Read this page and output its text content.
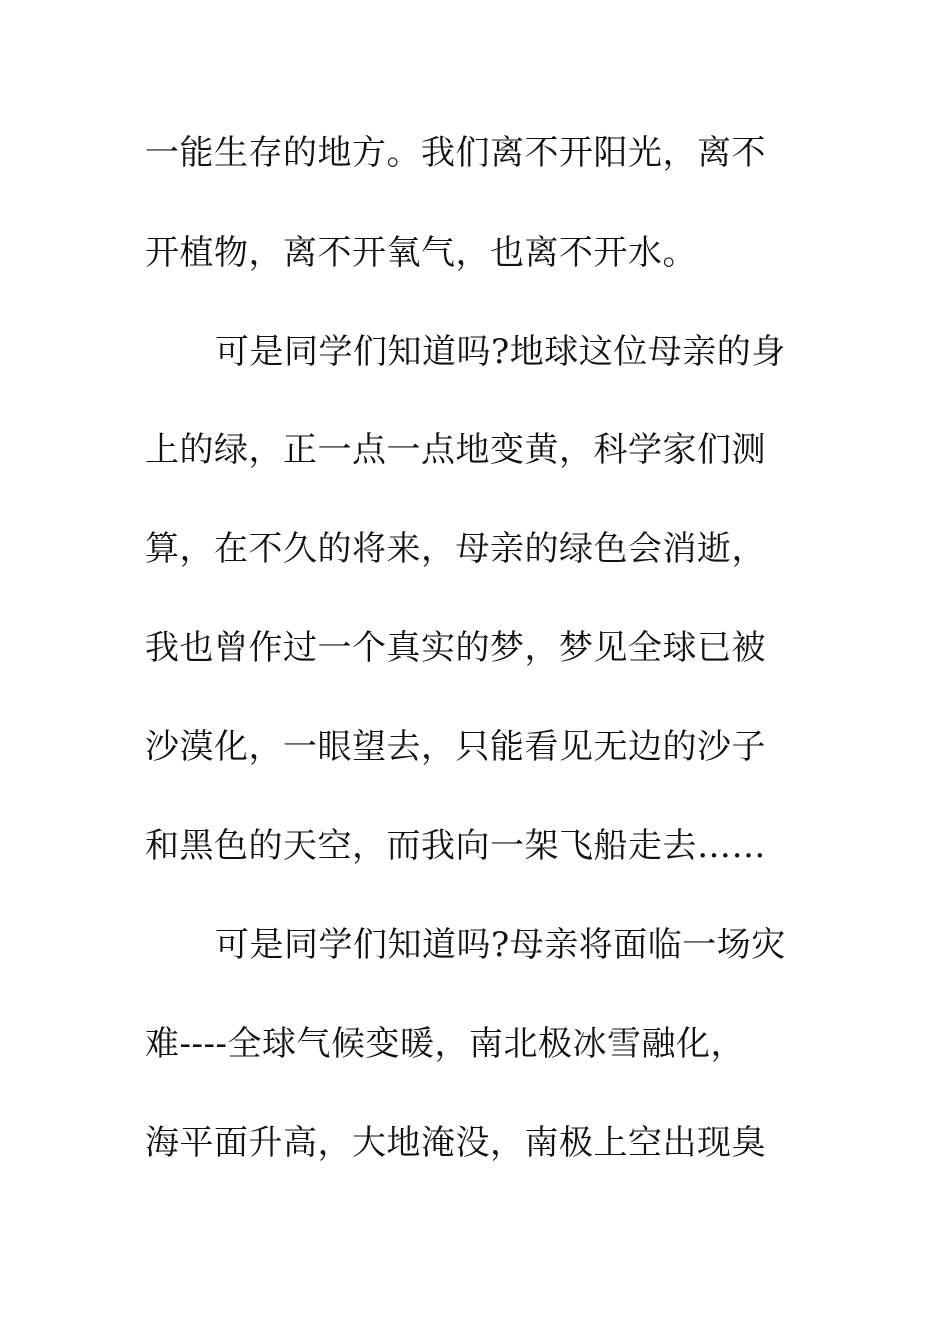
一能生存的地方。我们离不开阳光，离不
开植物，离不开氧气，也离不开水。
可是同学们知道吗?地球这位母亲的身
上的绿，正一点一点地变黄，科学家们测
算，在不久的将来，母亲的绿色会消逝，
我也曾作过一个真实的梦，梦见全球已被
沙漠化，一眼望去，只能看见无边的沙子
和黑色的天空，而我向一架飞船走去……
可是同学们知道吗?母亲将面临一场灾
难----全球气候变暖，南北极冰雪融化，
海平面升高，大地淹没，南极上空出现臭
